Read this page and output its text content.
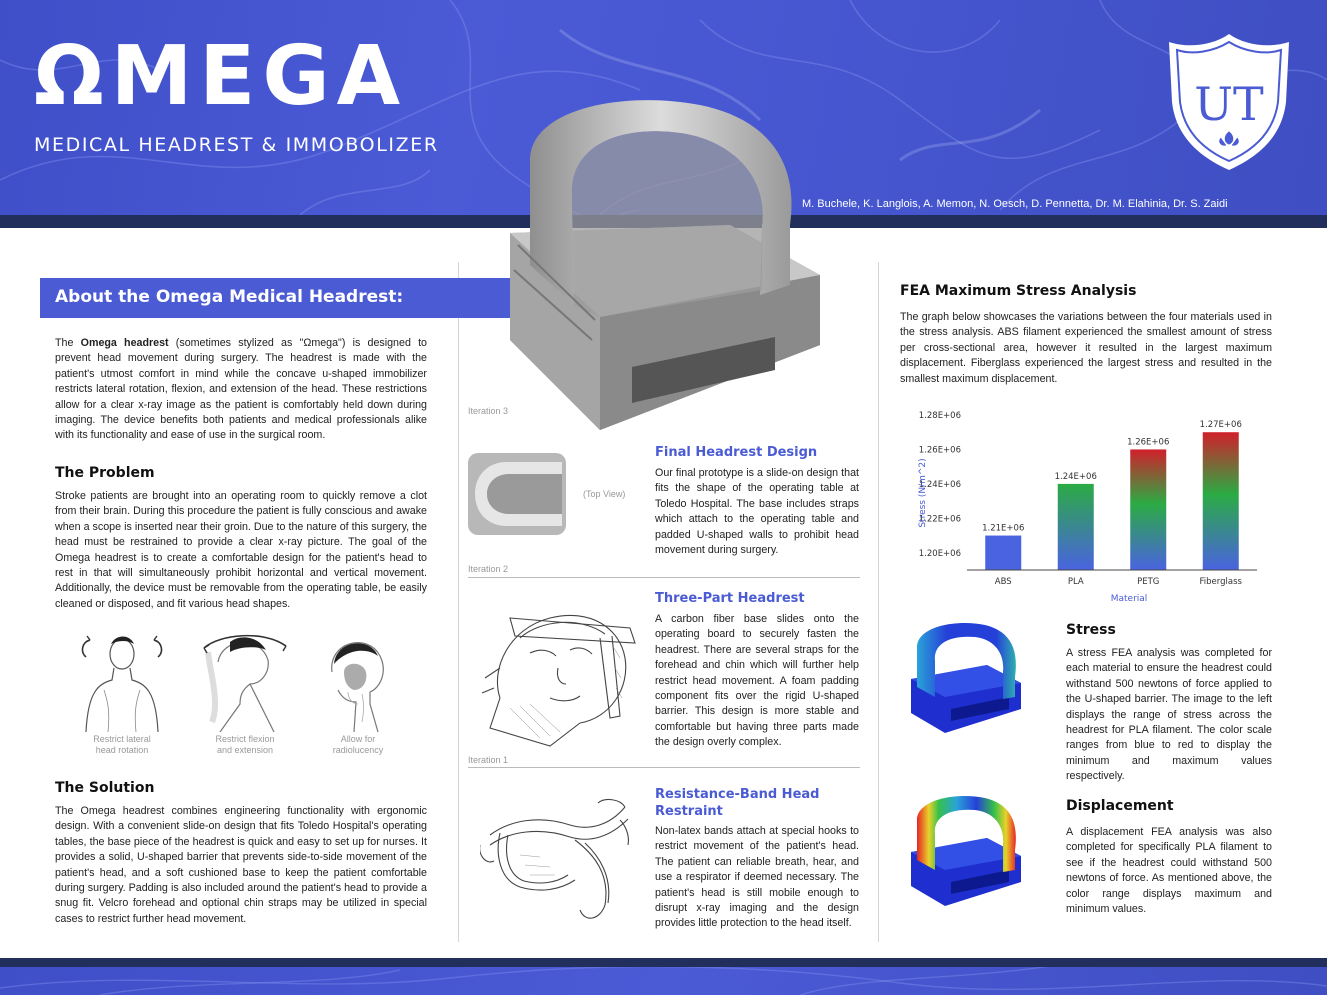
ΩMEGA
MEDICAL HEADREST & IMMOBOLIZER
M. Buchele, K. Langlois, A. Memon, N. Oesch, D. Pennetta, Dr. M. Elahinia, Dr. S. Zaidi
UT
About the Omega Medical Headrest:

The Omega headrest (sometimes stylized as "Ωmega") is designed to prevent head movement during surgery. The headrest is made with the patient's utmost comfort in mind while the concave u-shaped immobilizer restricts lateral rotation, flexion, and extension of the head. These restrictions allow for a clear x-ray image as the patient is comfortably held down during imaging. The device benefits both patients and medical professionals alike with its functionality and ease of use in the surgical room.

The Problem

Stroke patients are brought into an operating room to quickly remove a clot from their brain. During this procedure the patient is fully conscious and awake when a scope is inserted near their groin. Due to the nature of this surgery, the head must be restrained to provide a clear x-ray picture. The goal of the Omega headrest is to create a comfortable design for the patient's head to rest in that will simultaneously prohibit horizontal and vertical movement. Additionally, the device must be removable from the operating table, be easily cleaned or disposed, and fit various head shapes.

Restrict lateral
head rotation
Restrict flexion
and extension
Allow for
radiolucency
The Solution

The Omega headrest combines engineering functionality with ergonomic design. With a convenient slide-on design that fits Toledo Hospital's operating tables, the base piece of the headrest is quick and easy to set up for nurses. It provides a solid, U-shaped barrier that prevents side-to-side movement of the patient's head, and a soft cushioned base to keep the patient comfortable during surgery. Padding is also included around the patient's head to provide a snug fit. Velcro forehead and optional chin straps may be utilized in special cases to restrict further head movement.

Iteration 3
(Top View)
Final Headrest Design

Our final prototype is a slide-on design that fits the shape of the operating table at Toledo Hospital. The base includes straps which attach to the operating table and padded U-shaped walls to prohibit head movement during surgery.

Iteration 2
Three-Part Headrest

A carbon fiber base slides onto the operating board to securely fasten the headrest. There are several straps for the forehead and chin which will further help restrict head movement. A foam padding component fits over the rigid U-shaped barrier. This design is more stable and comfortable but having three parts made the design overly complex.

Iteration 1
Resistance-Band Head
Restraint

Non-latex bands attach at special hooks to restrict movement of the patient's head. The patient can reliable breath, hear, and use a respirator if deemed necessary. The patient's head is still mobile enough to disrupt x-ray imaging and the design provides little protection to the head itself.

FEA Maximum Stress Analysis

The graph below showcases the variations between the four materials used in the stress analysis. ABS filament experienced the smallest amount of stress per cross-sectional area, however it resulted in the largest maximum displacement. Fiberglass experienced the largest stress and resulted in the smallest maximum displacement.

1.20E+06
1.22E+06
1.24E+06
1.26E+06
1.28E+06
1.21E+06
1.24E+06
1.26E+06
1.27E+06
ABS	PLA	PETG	Fiberglass
Stress (N/m^2)
Material
Stress

A stress FEA analysis was completed for each material to ensure the headrest could withstand 500 newtons of force applied to the U-shaped barrier. The image to the left displays the range of stress across the headrest for PLA filament. The color scale ranges from blue to red to display the minimum and maximum values respectively.

Displacement

A displacement FEA analysis was also completed for specifically PLA filament to see if the headrest could withstand 500 newtons of force. As mentioned above, the color range displays maximum and minimum values.
